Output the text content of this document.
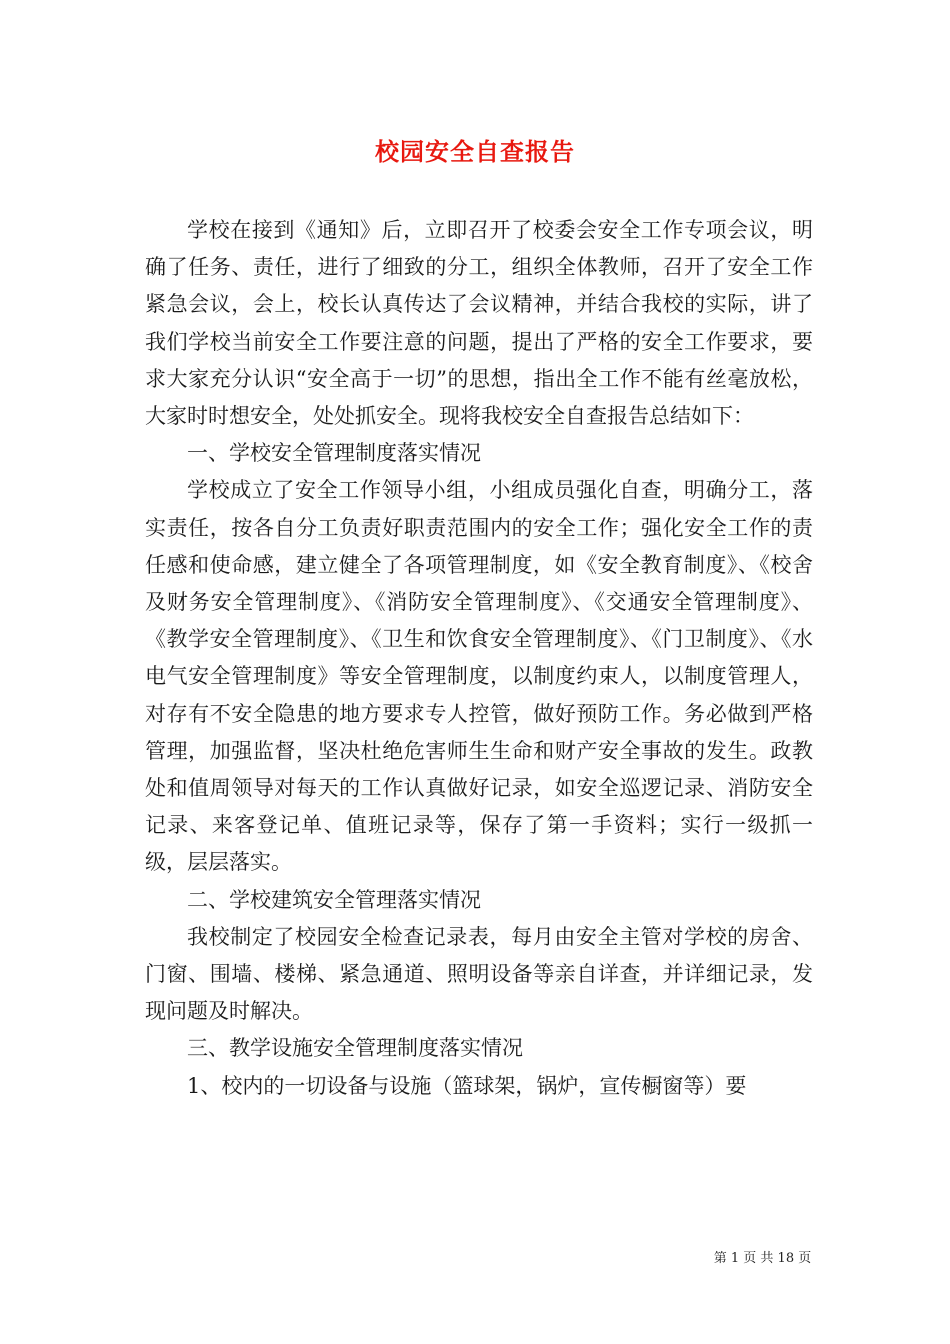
校园安全自查报告

学校在接到《通知》后，立即召开了校委会安全工作专项会议，明确了任务、责任，进行了细致的分工，组织全体教师，召开了安全工作紧急会议，会上，校长认真传达了会议精神，并结合我校的实际，讲了我们学校当前安全工作要注意的问题，提出了严格的安全工作要求，要求大家充分认识“安全高于一切”的思想，指出全工作不能有丝毫放松，大家时时想安全，处处抓安全。现将我校安全自查报告总结如下：

一、学校安全管理制度落实情况

学校成立了安全工作领导小组，小组成员强化自查，明确分工，落实责任，按各自分工负责好职责范围内的安全工作；强化安全工作的责任感和使命感，建立健全了各项管理制度，如《安全教育制度》、《校舍及财务安全管理制度》、《消防安全管理制度》、《交通安全管理制度》、《教学安全管理制度》、《卫生和饮食安全管理制度》、《门卫制度》、《水电气安全管理制度》等安全管理制度，以制度约束人，以制度管理人，对存有不安全隐患的地方要求专人控管，做好预防工作。务必做到严格管理，加强监督，坚决杜绝危害师生生命和财产安全事故的发生。政教处和值周领导对每天的工作认真做好记录，如安全巡逻记录、消防安全记录、来客登记单、值班记录等，保存了第一手资料；实行一级抓一级，层层落实。

二、学校建筑安全管理落实情况

我校制定了校园安全检查记录表，每月由安全主管对学校的房舍、门窗、围墙、楼梯、紧急通道、照明设备等亲自详查，并详细记录，发现问题及时解决。

三、教学设施安全管理制度落实情况

1、校内的一切设备与设施（篮球架，锅炉，宣传橱窗等）要

第 1 页 共 18 页
